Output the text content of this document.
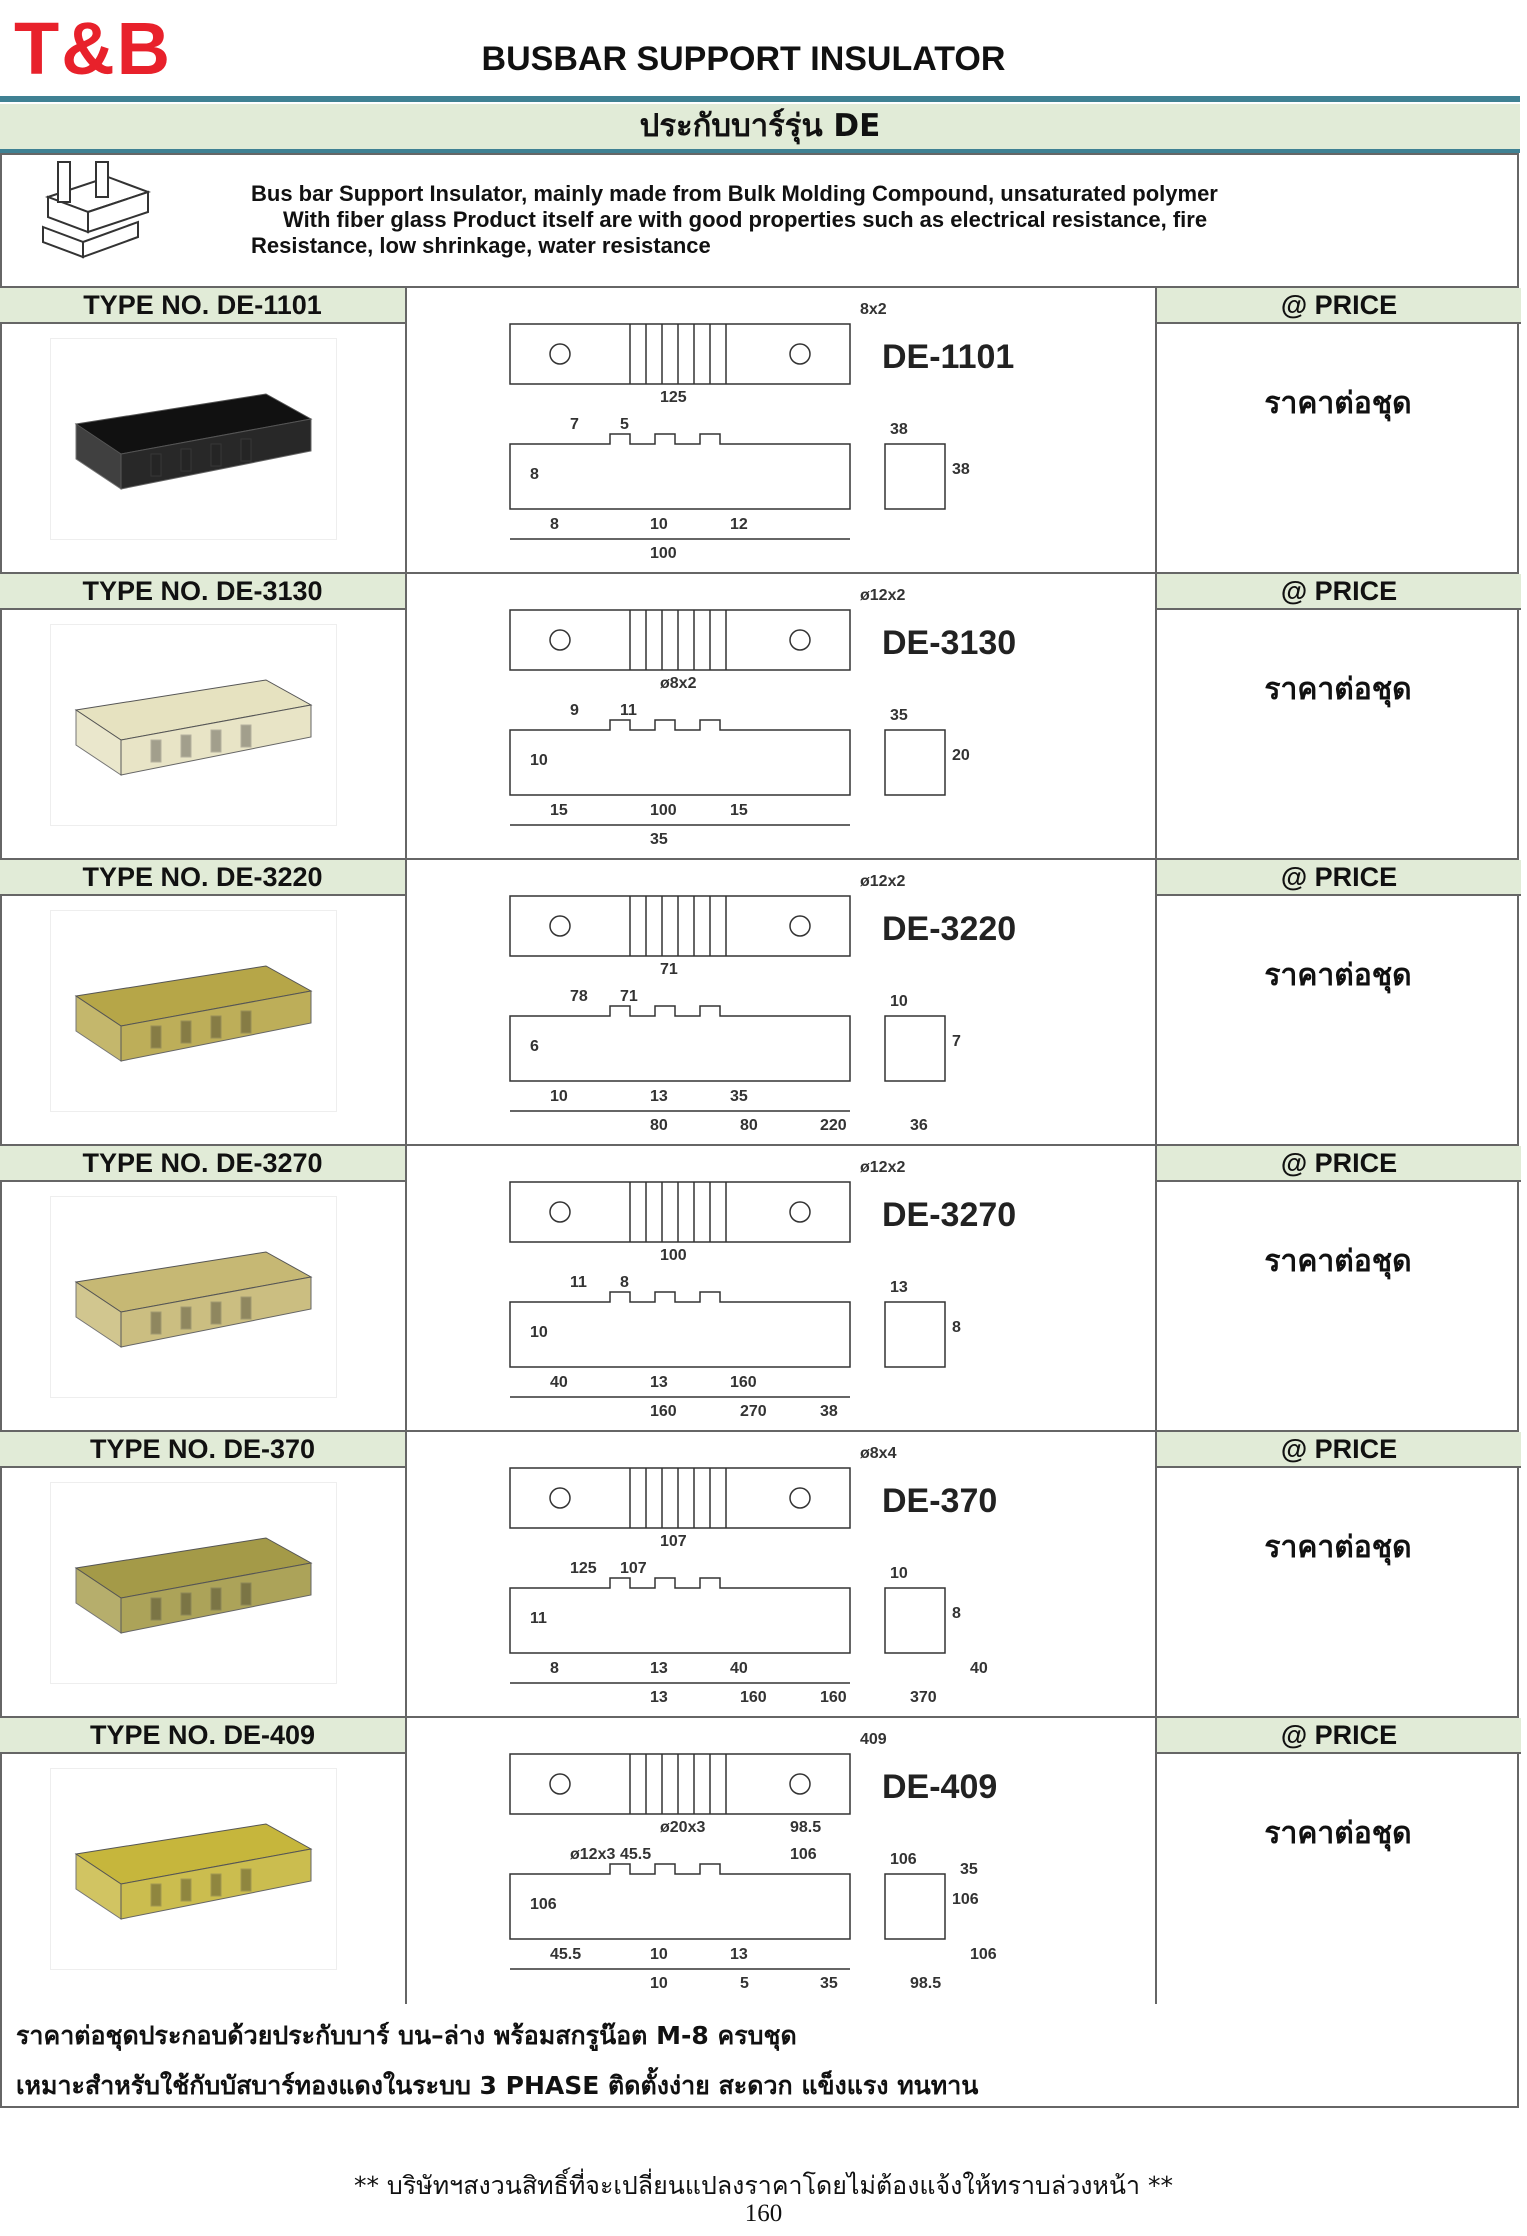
T&B	BUSBAR SUPPORT INSULATOR
ประกับบาร์รุ่น DE
Bus bar Support Insulator, mainly made from Bulk Molding Compound, unsaturated polymer
With fiber glass Product itself are with good properties such as electrical resistance, fire
Resistance, low shrinkage, water resistance
TYPE NO. DE-1101	@ PRICE
ราคาต่อชุด
DE-1101
8x2
125
7	5
8	38
38
8	10	12
100
TYPE NO. DE-3130	@ PRICE
ราคาต่อชุด
DE-3130
ø12x2
ø8x2
9	11
10	20
35
15	100	15
35
TYPE NO. DE-3220	@ PRICE
ราคาต่อชุด
DE-3220
ø12x2
71
78 71
6	7
10
10	13	35
80	80	220	36
TYPE NO. DE-3270	@ PRICE
ราคาต่อชุด
DE-3270
ø12x2
100
11 8
10	8
13
40	13	160
160	270	38
TYPE NO. DE-370	@ PRICE
ราคาต่อชุด
DE-370
ø8x4
107
125 107
11	8
10
8	13	40
13	160	160	370
40
TYPE NO. DE-409	@ PRICE
ราคาต่อชุด
DE-409
409
ø20x3
ø12x3 45.5
106	106
106
45.5	10	13
10	5	35	98.5
106
106
98.5
35
ราคาต่อชุดประกอบด้วยประกับบาร์ บน–ล่าง พร้อมสกรูน๊อต M-8 ครบชุด
เหมาะสำหรับใช้กับบัสบาร์ทองแดงในระบบ 3 PHASE ติดตั้งง่าย สะดวก แข็งแรง ทนทาน
** บริษัทฯสงวนสิทธิ์ที่จะเปลี่ยนแปลงราคาโดยไม่ต้องแจ้งให้ทราบล่วงหน้า **
160
